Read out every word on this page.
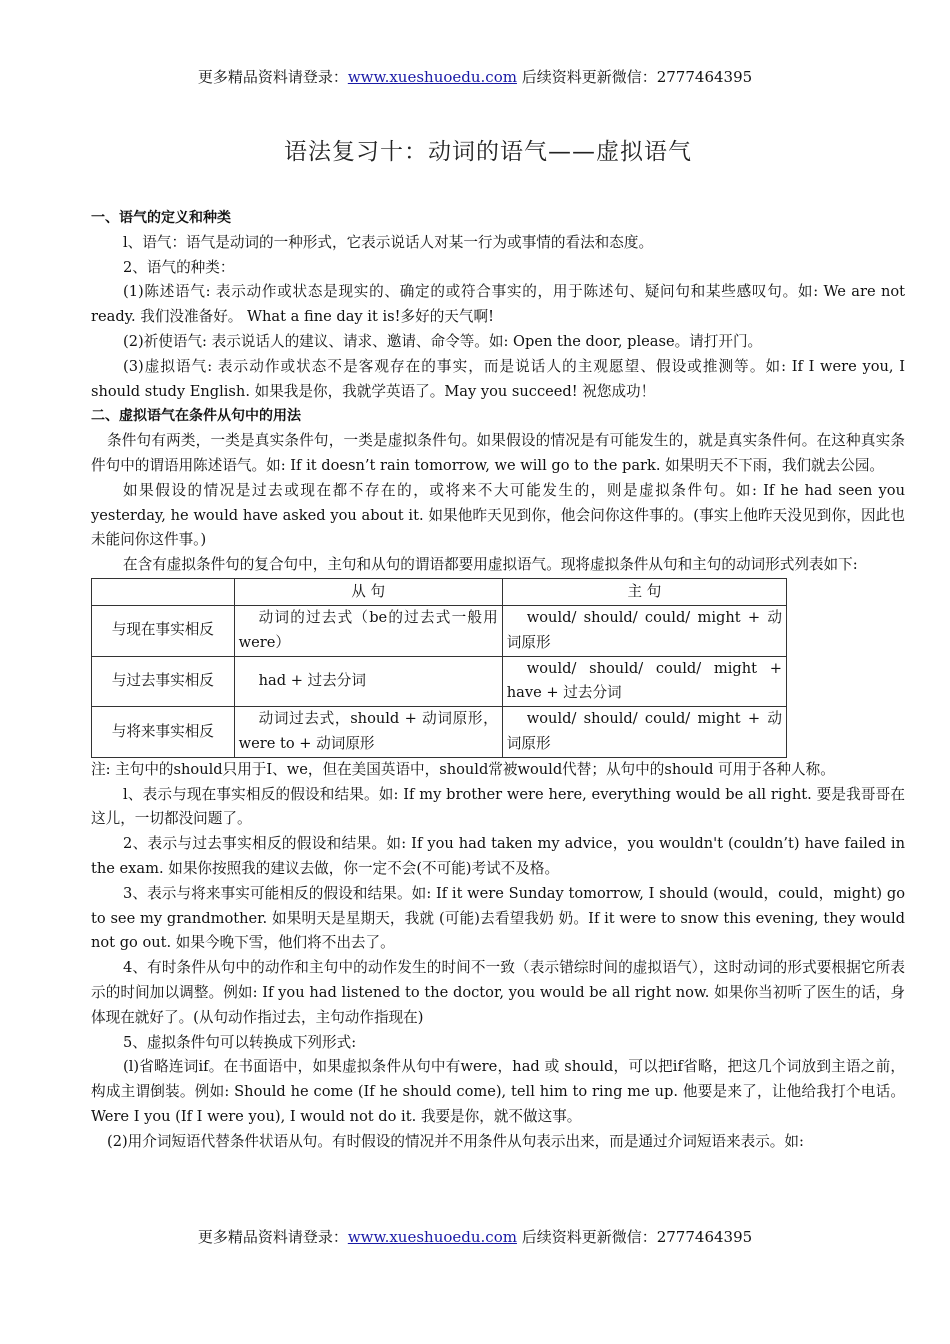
更多精品资料请登录：www.xueshuoedu.com 后续资料更新微信：2777464395
语法复习十：动词的语气——虚拟语气

一、语气的定义和种类

l、语气：语气是动词的一种形式，它表示说话人对某一行为或事情的看法和态度。

2、语气的种类：

(1)陈述语气: 表示动作或状态是现实的、确定的或符合事实的，用于陈述句、疑问句和某些感叹句。如: We are not ready. 我们没准备好。 What a fine day it is!多好的天气啊!

(2)祈使语气: 表示说话人的建议、请求、邀请、命令等。如: Open the door, please。请打开门。

(3)虚拟语气: 表示动作或状态不是客观存在的事实，而是说话人的主观愿望、假设或推测等。如: If I were you, I should study English. 如果我是你，我就学英语了。May you succeed! 祝您成功！

二、虚拟语气在条件从句中的用法

条件句有两类，一类是真实条件句，一类是虚拟条件句。如果假设的情况是有可能发生的，就是真实条件何。在这种真实条件句中的谓语用陈述语气。如: If it doesn’t rain tomorrow, we will go to the park. 如果明天不下雨，我们就去公园。

如果假设的情况是过去或现在都不存在的，或将来不大可能发生的，则是虚拟条件句。如: If he had seen you yesterday, he would have asked you about it. 如果他昨天见到你，他会问你这件事的。(事实上他昨天没见到你，因此也未能问你这件事。)

在含有虚拟条件句的复合句中，主句和从句的谓语都要用虚拟语气。现将虚拟条件从句和主句的动词形式列表如下:

	从 句	主 句
与现在事实相反	动词的过去式（be的过去式一般用were）	would/ should/ could/ might + 动词原形
与过去事实相反	had + 过去分词	would/ should/ could/ might + have + 过去分词
与将来事实相反	动词过去式，should + 动词原形，were to + 动词原形	would/ should/ could/ might + 动词原形

注: 主句中的should只用于I、we，但在美国英语中，should常被would代替；从句中的should 可用于各种人称。

l、表示与现在事实相反的假设和结果。如: If my brother were here, everything would be all right. 要是我哥哥在这儿，一切都没问题了。

2、表示与过去事实相反的假设和结果。如: If you had taken my advice，you wouldn't (couldn’t) have failed in the exam. 如果你按照我的建议去做，你一定不会(不可能)考试不及格。

3、表示与将来事实可能相反的假设和结果。如: If it were Sunday tomorrow, I should (would，could，might) go to see my grandmother. 如果明天是星期天，我就 (可能)去看望我奶 奶。If it were to snow this evening, they would not go out. 如果今晚下雪，他们将不出去了。

4、有时条件从句中的动作和主句中的动作发生的时间不一致（表示错综时间的虚拟语气），这时动词的形式要根据它所表示的时间加以调整。例如: If you had listened to the doctor, you would be all right now. 如果你当初听了医生的话，身体现在就好了。(从句动作指过去，主句动作指现在)

5、虚拟条件句可以转换成下列形式:

(l)省略连词if。在书面语中，如果虚拟条件从句中有were，had 或 should，可以把if省略，把这几个词放到主语之前，构成主谓倒装。例如: Should he come (If he should come), tell him to ring me up. 他要是来了，让他给我打个电话。Were I you (If I were you), I would not do it. 我要是你，就不做这事。

(2)用介词短语代替条件状语从句。有时假设的情况并不用条件从句表示出来，而是通过介词短语来表示。如:

更多精品资料请登录：www.xueshuoedu.com 后续资料更新微信：2777464395
